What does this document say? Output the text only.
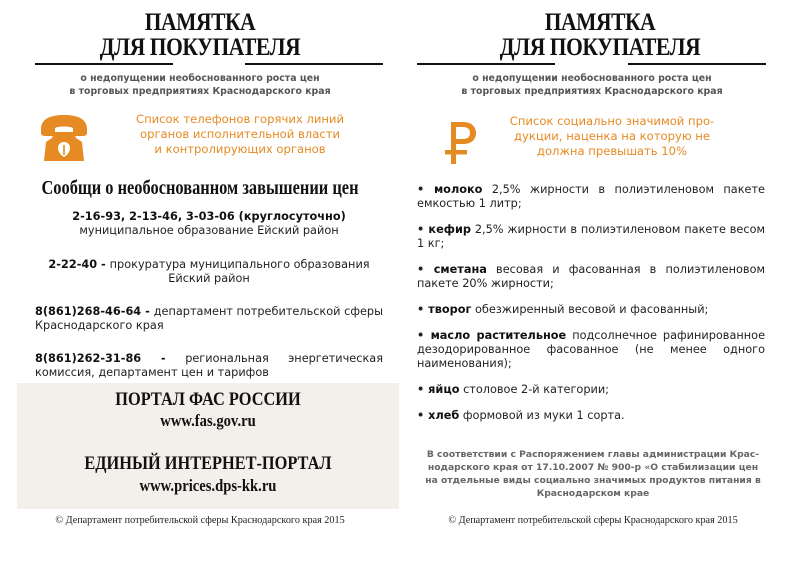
ПАМЯТКА
ДЛЯ ПОКУПАТЕЛЯ
о недопущении необоснованного роста цен
в торговых предприятиях Краснодарского края
Список телефонов горячих линий
органов исполнительной власти
и контролирующих органов
Сообщи о необоснованном завышении цен
2-16-93, 2-13-46, 3-03-06 (круглосуточно)
муниципальное образование Ейский район
2-22-40 - прокуратура муниципального образования Ейский район
8(861)268-46-64 - департамент потребительской сферы Краснодарского края
8(861)262-31-86 - региональная энергетическая комиссия, департамент цен и тарифов
ПОРТАЛ ФАС РОССИИ
www.fas.gov.ru
ЕДИНЫЙ ИНТЕРНЕТ-ПОРТАЛ
www.prices.dps-kk.ru
© Департамент потребительской сферы Краснодарского края 2015
ПАМЯТКА
ДЛЯ ПОКУПАТЕЛЯ
о недопущении необоснованного роста цен
в торговых предприятиях Краснодарского края
Список социально значимой про-
дукции, наценка на которую не
должна превышать 10%
• молоко 2,5% жирности в полиэтиленовом пакете емкостью 1 литр;
• кефир 2,5% жирности в полиэтиленовом пакете весом 1 кг;
• сметана весовая и фасованная в полиэтиленовом пакете 20% жирности;
• творог обезжиренный весовой и фасованный;
• масло растительное подсолнечное рафинированное дезодорированное фасованное (не менее одного наименования);
• яйцо столовое 2-й категории;
• хлеб формовой из муки 1 сорта.
В соответствии с Распоряжением главы администрации Крас-
нодарского края от 17.10.2007 № 900-р «О стабилизации цен
на отдельные виды социально значимых продуктов питания в
Краснодарском крае
© Департамент потребительской сферы Краснодарского края 2015
